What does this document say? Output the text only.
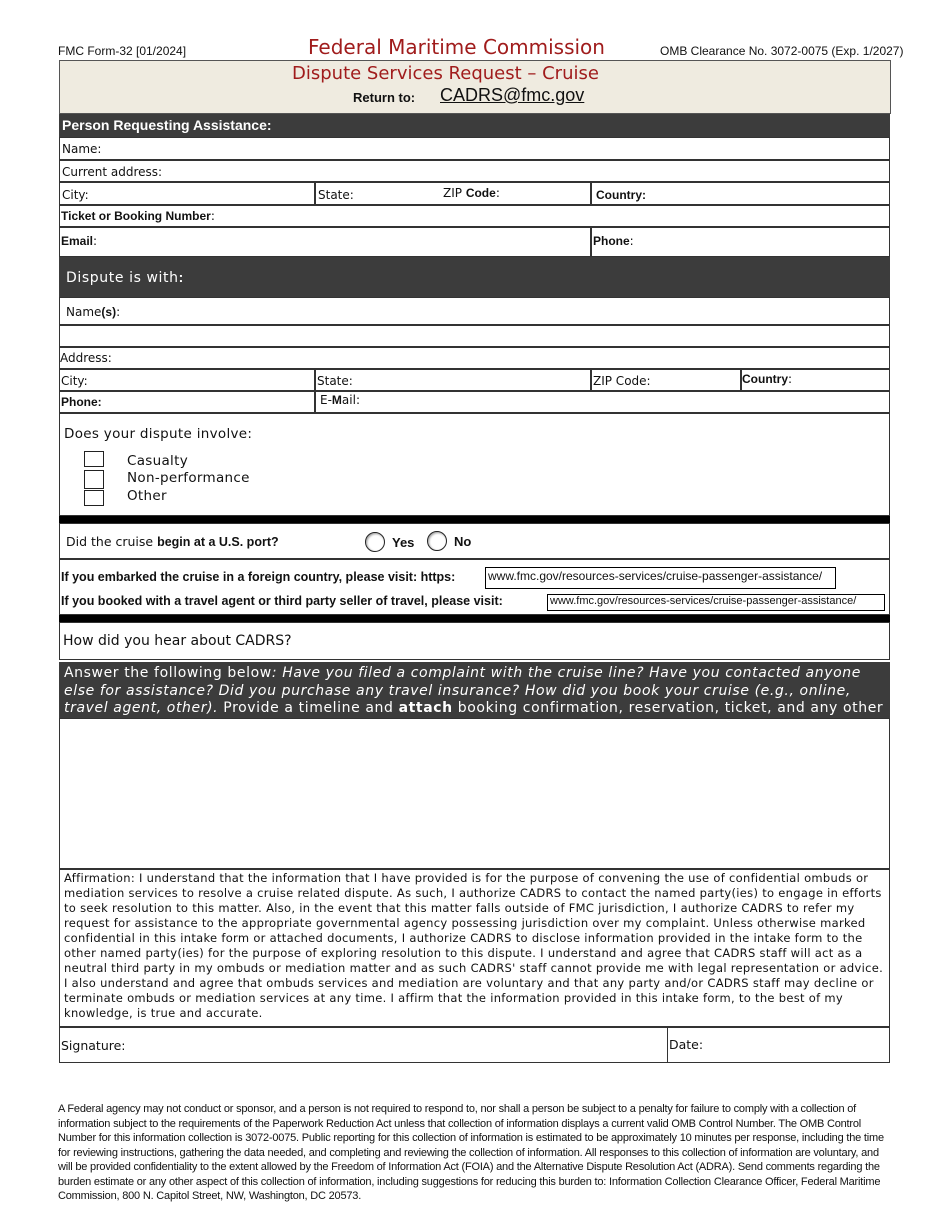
FMC Form-32 [01/2024]	Federal Maritime Commission	OMB Clearance No. 3072-0075 (Exp. 1/2027)
Dispute Services Request – Cruise
Return to: CADRS@fmc.gov
Person Requesting Assistance:
Name:
Current address:
City:	State:	ZIP Code:	Country:
Ticket or Booking Number:
Email:	Phone:
Dispute is with:
Name(s):
Address:
City:	State:	ZIP Code:	Country:
Phone:	E-Mail:
Does your dispute involve:
Casualty
Non-performance
Other
Did the cruise begin at a U.S. port?	Yes	No
If you embarked the cruise in a foreign country, please visit: https:	www.fmc.gov/resources-services/cruise-passenger-assistance/
If you booked with a travel agent or third party seller of travel, please visit:	www.fmc.gov/resources-services/cruise-passenger-assistance/
How did you hear about CADRS?
Answer the following below: Have you filed a complaint with the cruise line? Have you contacted anyone else for assistance? Did you purchase any travel insurance? How did you book your cruise (e.g., online, travel agent, other). Provide a timeline and attach booking confirmation, reservation, ticket, and any other
Affirmation: I understand that the information that I have provided is for the purpose of convening the use of confidential ombuds or mediation services to resolve a cruise related dispute. As such, I authorize CADRS to contact the named party(ies) to engage in efforts to seek resolution to this matter. Also, in the event that this matter falls outside of FMC jurisdiction, I authorize CADRS to refer my request for assistance to the appropriate governmental agency possessing jurisdiction over my complaint. Unless otherwise marked confidential in this intake form or attached documents, I authorize CADRS to disclose information provided in the intake form to the other named party(ies) for the purpose of exploring resolution to this dispute. I understand and agree that CADRS staff will act as a neutral third party in my ombuds or mediation matter and as such CADRS' staff cannot provide me with legal representation or advice. I also understand and agree that ombuds services and mediation are voluntary and that any party and/or CADRS staff may decline or terminate ombuds or mediation services at any time. I affirm that the information provided in this intake form, to the best of my knowledge, is true and accurate.
Signature:	Date:
A Federal agency may not conduct or sponsor, and a person is not required to respond to, nor shall a person be subject to a penalty for failure to comply with a collection of information subject to the requirements of the Paperwork Reduction Act unless that collection of information displays a current valid OMB Control Number. The OMB Control Number for this information collection is 3072-0075. Public reporting for this collection of information is estimated to be approximately 10 minutes per response, including the time for reviewing instructions, gathering the data needed, and completing and reviewing the collection of information. All responses to this collection of information are voluntary, and will be provided confidentiality to the extent allowed by the Freedom of Information Act (FOIA) and the Alternative Dispute Resolution Act (ADRA). Send comments regarding the burden estimate or any other aspect of this collection of information, including suggestions for reducing this burden to: Information Collection Clearance Officer, Federal Maritime Commission, 800 N. Capitol Street, NW, Washington, DC 20573.
